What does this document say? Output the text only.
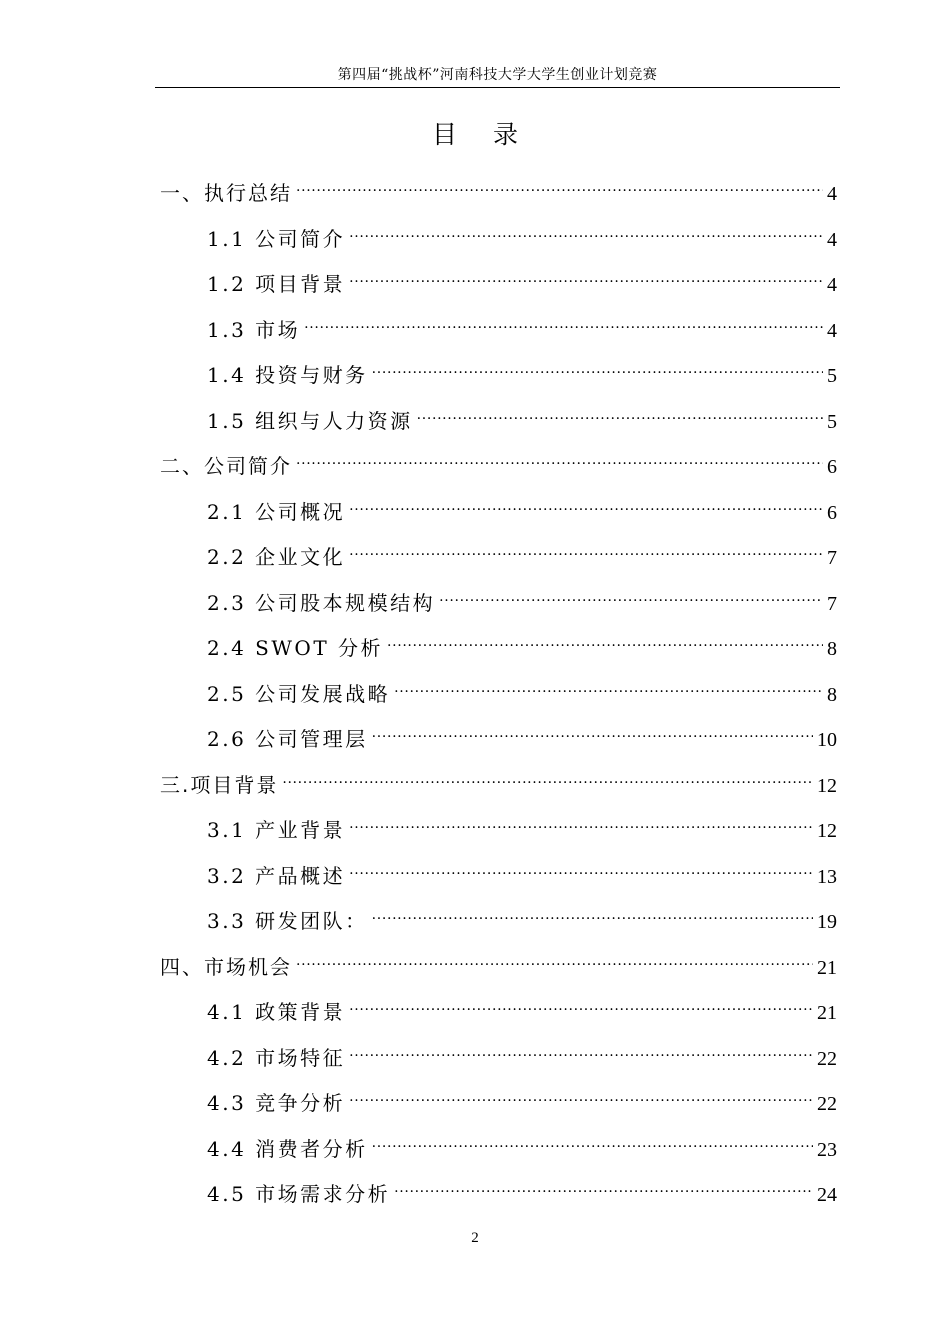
第四届“挑战杯”河南科技大学大学生创业计划竞赛
目 录
一、执行总结 . . .	4
1.1 公司简介 . . .	4
1.2 项目背景 . . .	4
1.3 市场 . . .	4
1.4 投资与财务 . . .	5
1.5 组织与人力资源 . . .	5
二、公司简介 . . .	6
2.1 公司概况 . . .	6
2.2 企业文化 . . .	7
2.3 公司股本规模结构 . . .	7
2.4 SWOT 分析 . . .	8
2.5 公司发展战略 . . .	8
2.6 公司管理层 . . .	10
三.项目背景 . . .	12
3.1 产业背景 . . .	12
3.2 产品概述 . . .	13
3.3 研发团队： . . .	19
四、市场机会 . . .	21
4.1 政策背景 . . .	21
4.2 市场特征 . . .	22
4.3 竞争分析 . . .	22
4.4 消费者分析 . . .	23
4.5 市场需求分析 . . .	24
2
